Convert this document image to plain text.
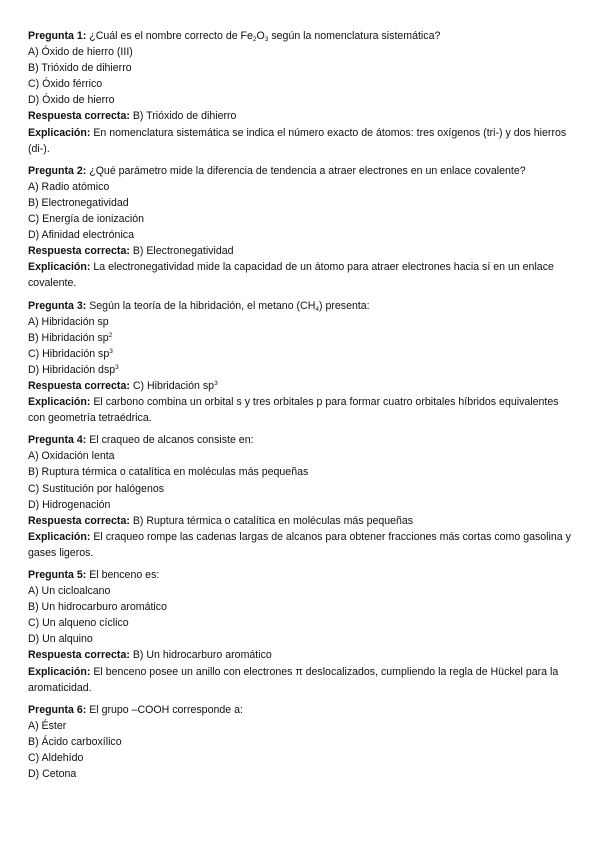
Pregunta 1: ¿Cuál es el nombre correcto de $Fe_2O_3$ según la nomenclatura sistemática?
A) Óxido de hierro (III)
B) Trióxido de dihierro
C) Óxido férrico
D) Óxido de hierro
Respuesta correcta: B) Trióxido de dihierro
Explicación: En nomenclatura sistemática se indica el número exacto de átomos: tres oxígenos (tri-) y dos hierros (di-).
Pregunta 2: ¿Qué parámetro mide la diferencia de tendencia a atraer electrones en un enlace covalente?
A) Radio atómico
B) Electronegatividad
C) Energía de ionización
D) Afinidad electrónica
Respuesta correcta: B) Electronegatividad
Explicación: La electronegatividad mide la capacidad de un átomo para atraer electrones hacia sí en un enlace covalente.
Pregunta 3: Según la teoría de la hibridación, el metano $(CH_4)$ presenta:
A) Hibridación sp
B) Hibridación $sp^2$
C) Hibridación $sp^3$
D) Hibridación dsp$^3$
Respuesta correcta: C) Hibridación $sp^3$
Explicación: El carbono combina un orbital s y tres orbitales p para formar cuatro orbitales híbridos equivalentes con geometría tetraédrica.
Pregunta 4: El craqueo de alcanos consiste en:
A) Oxidación lenta
B) Ruptura térmica o catalítica en moléculas más pequeñas
C) Sustitución por halógenos
D) Hidrogenación
Respuesta correcta: B) Ruptura térmica o catalítica en moléculas más pequeñas
Explicación: El craqueo rompe las cadenas largas de alcanos para obtener fracciones más cortas como gasolina y gases ligeros.
Pregunta 5: El benceno es:
A) Un cicloalcano
B) Un hidrocarburo aromático
C) Un alqueno cíclico
D) Un alquino
Respuesta correcta: B) Un hidrocarburo aromático
Explicación: El benceno posee un anillo con electrones π deslocalizados, cumpliendo la regla de Hückel para la aromaticidad.
Pregunta 6: El grupo –COOH corresponde a:
A) Éster
B) Ácido carboxílico
C) Aldehído
D) Cetona
